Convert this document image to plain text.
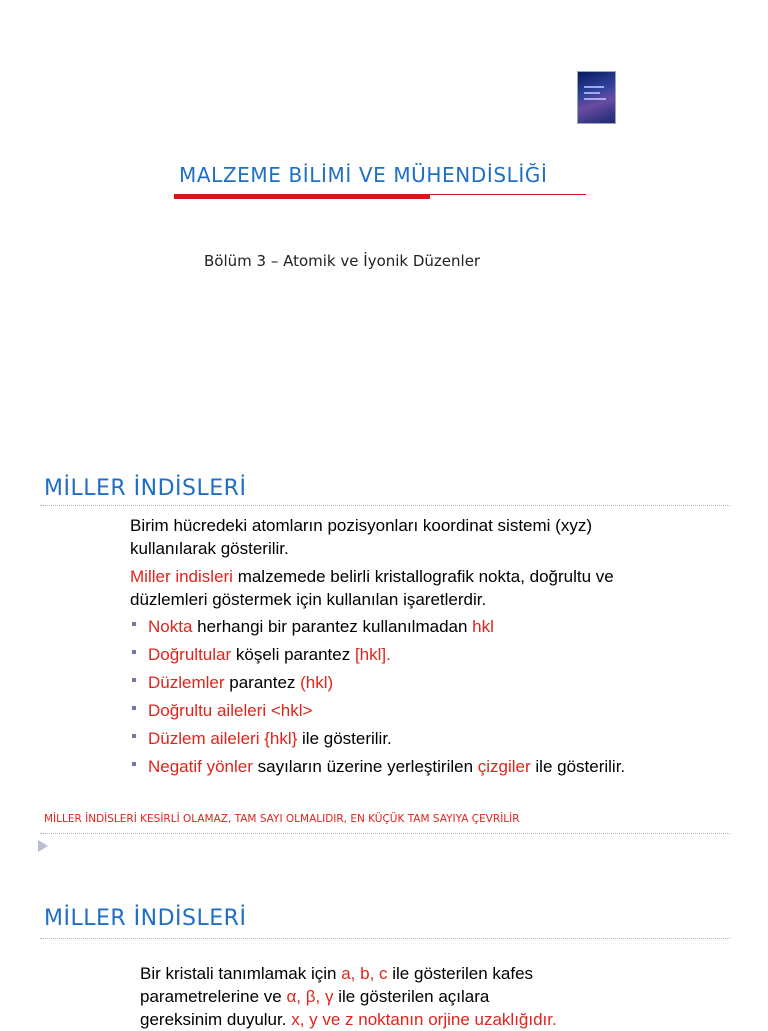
MALZEME BİLİMİ VE MÜHENDİSLİĞİ
Bölüm 3 – Atomik ve İyonik Düzenler
MİLLER İNDİSLERİ
Birim hücredeki atomların pozisyonları koordinat sistemi (xyz) kullanılarak gösterilir.
Miller indisleri malzemede belirli kristallografik nokta, doğrultu ve düzlemleri göstermek için kullanılan işaretlerdir.
Nokta herhangi bir parantez kullanılmadan hkl
Doğrultular köşeli parantez [hkl].
Düzlemler parantez (hkl)
Doğrultu aileleri <hkl>
Düzlem aileleri {hkl} ile gösterilir.
Negatif yönler sayıların üzerine yerleştirilen çizgiler ile gösterilir.
MİLLER İNDİSLERİ KESİRLİ OLAMAZ, TAM SAYI OLMALIDIR, EN KÜÇÜK TAM SAYIYA ÇEVRİLİR
MİLLER İNDİSLERİ
Bir kristali tanımlamak için a, b, c ile gösterilen kafes
parametrelerine ve α, β, γ ile gösterilen açılara
gereksinim duyulur. x, y ve z noktanın orjine uzaklığıdır.
